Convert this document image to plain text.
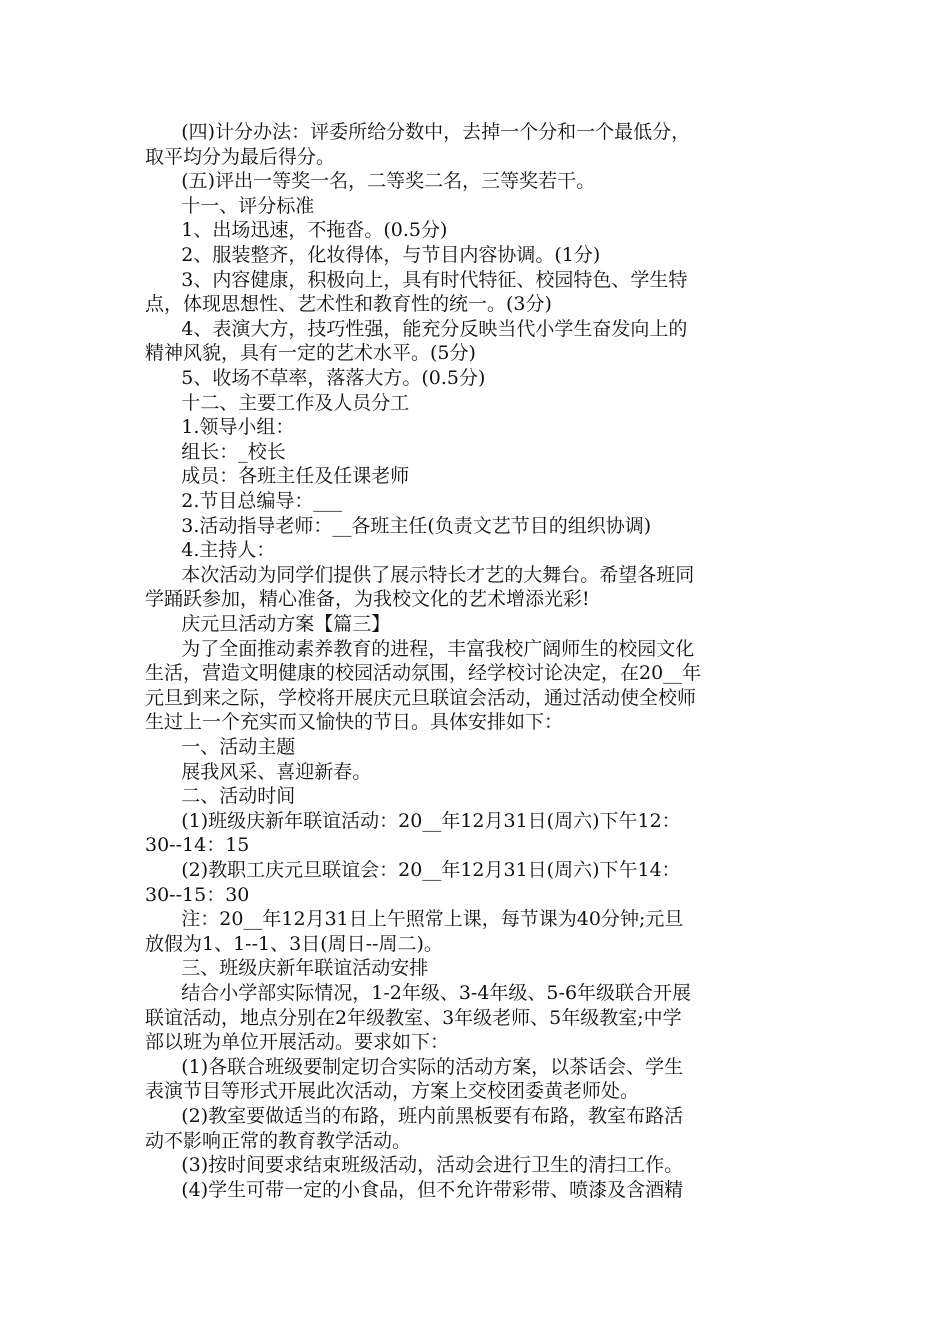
(四)计分办法：评委所给分数中，去掉一个分和一个最低分，
取平均分为最后得分。
(五)评出一等奖一名，二等奖二名，三等奖若干。
十一、评分标准
1、出场迅速，不拖沓。(0.5分)
2、服装整齐，化妆得体，与节目内容协调。(1分)
3、内容健康，积极向上，具有时代特征、校园特色、学生特
点，体现思想性、艺术性和教育性的统一。(3分)
4、表演大方，技巧性强，能充分反映当代小学生奋发向上的
精神风貌，具有一定的艺术水平。(5分)
5、收场不草率，落落大方。(0.5分)
十二、主要工作及人员分工
1.领导小组：
组长：_校长
成员：各班主任及任课老师
2.节目总编导：___
3.活动指导老师：__各班主任(负责文艺节目的组织协调)
4.主持人：
本次活动为同学们提供了展示特长才艺的大舞台。希望各班同
学踊跃参加，精心准备，为我校文化的艺术增添光彩!
庆元旦活动方案【篇三】
为了全面推动素养教育的进程，丰富我校广阔师生的校园文化
生活，营造文明健康的校园活动氛围，经学校讨论决定，在20__年
元旦到来之际，学校将开展庆元旦联谊会活动，通过活动使全校师
生过上一个充实而又愉快的节日。具体安排如下：
一、活动主题
展我风采、喜迎新春。
二、活动时间
(1)班级庆新年联谊活动：20__年12月31日(周六)下午12：
30--14：15
(2)教职工庆元旦联谊会：20__年12月31日(周六)下午14：
30--15：30
注：20__年12月31日上午照常上课，每节课为40分钟;元旦
放假为1、1--1、3日(周日--周二)。
三、班级庆新年联谊活动安排
结合小学部实际情况，1-2年级、3-4年级、5-6年级联合开展
联谊活动，地点分别在2年级教室、3年级老师、5年级教室;中学
部以班为单位开展活动。要求如下：
(1)各联合班级要制定切合实际的活动方案，以茶话会、学生
表演节目等形式开展此次活动，方案上交校团委黄老师处。
(2)教室要做适当的布路，班内前黑板要有布路，教室布路活
动不影响正常的教育教学活动。
(3)按时间要求结束班级活动，活动会进行卫生的清扫工作。
(4)学生可带一定的小食品，但不允许带彩带、喷漆及含酒精
